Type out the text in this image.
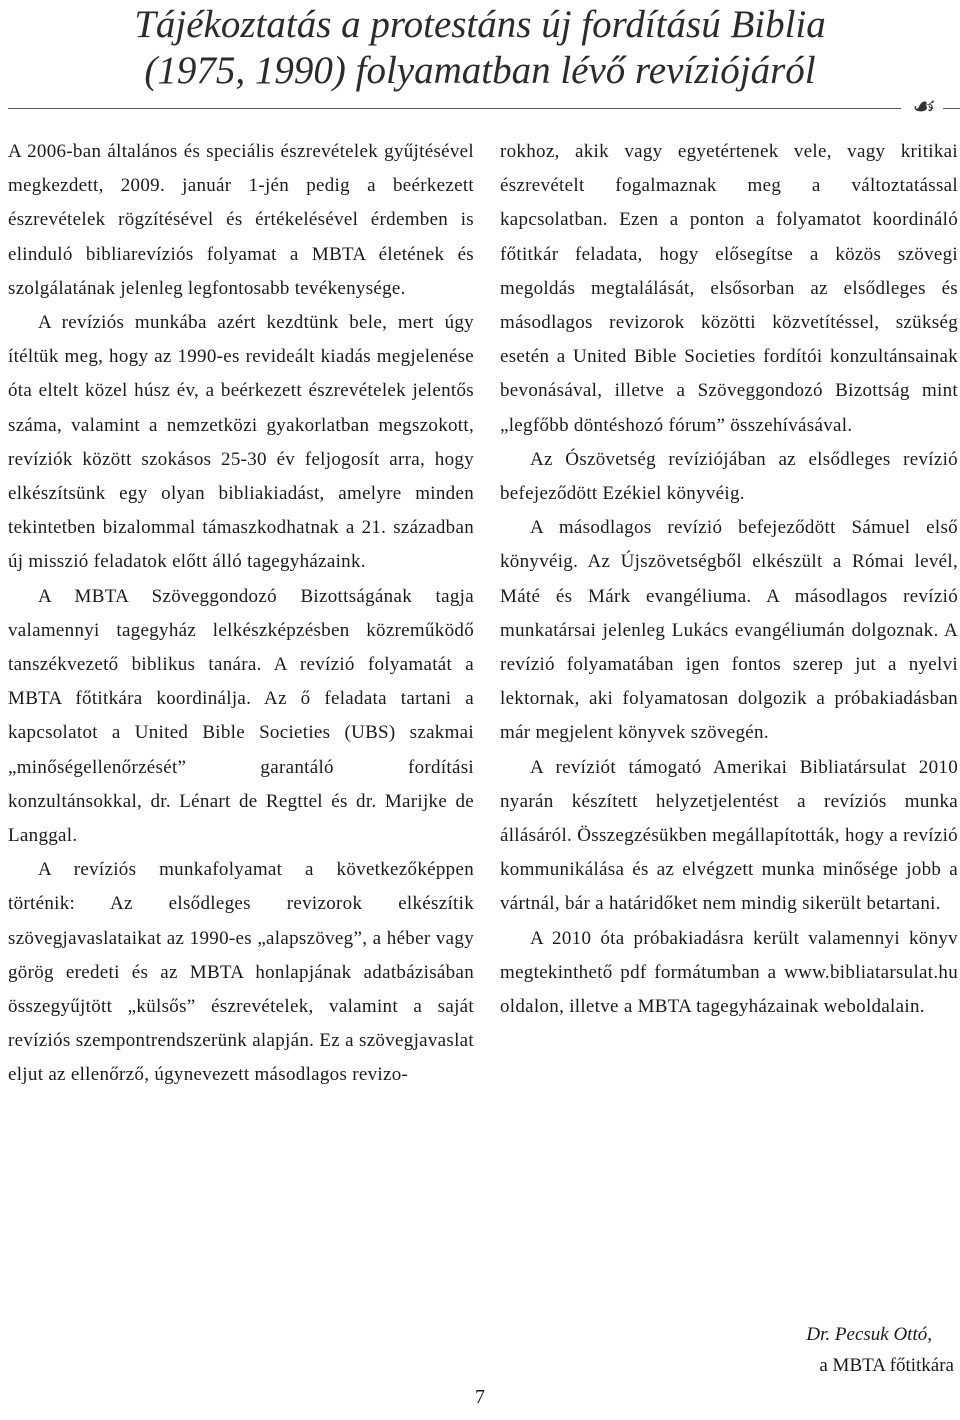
Tájékoztatás a protestáns új fordítású Biblia
(1975, 1990) folyamatban lévő revíziójáról
☙

A 2006-ban általános és speciális észrevételek gyűjtésével megkezdett, 2009. január 1-jén pedig a beérkezett észrevételek rögzítésével és értékelésével érdemben is elinduló bibliarevíziós folyamat a MBTA életének és szolgálatának jelenleg legfontosabb tevékenysége.

A revíziós munkába azért kezdtünk bele, mert úgy ítéltük meg, hogy az 1990-es revideált kiadás megjelenése óta eltelt közel húsz év, a beérkezett észrevételek jelentős száma, valamint a nemzetközi gyakorlatban megszokott, revíziók között szokásos 25-30 év feljogosít arra, hogy elkészítsünk egy olyan bibliakiadást, amelyre minden tekintetben bizalommal támaszkodhatnak a 21. században új misszió feladatok előtt álló tagegyházaink.

A MBTA Szöveggondozó Bizottságának tagja valamennyi tagegyház lelkészképzésben közreműködő tanszékvezető biblikus tanára. A revízió folyamatát a MBTA főtitkára koordinálja. Az ő feladata tartani a kapcsolatot a United Bible Societies (UBS) szakmai „minőségellenőrzését” garantáló fordítási konzultánsokkal, dr. Lénart de Regttel és dr. Marijke de Langgal.

A revíziós munkafolyamat a következőképpen történik: Az elsődleges revizorok elkészítik szövegjavaslataikat az 1990-es „alapszöveg”, a héber vagy görög eredeti és az MBTA honlapjának adatbázisában összegyűjtött „külsős” észrevételek, valamint a saját revíziós szempontrendszerünk alapján. Ez a szövegjavaslat eljut az ellenőrző, úgynevezett másodlagos revizo-

rokhoz, akik vagy egyetértenek vele, vagy kritikai észrevételt fogalmaznak meg a változtatással kapcsolatban. Ezen a ponton a folyamatot koordináló főtitkár feladata, hogy elősegítse a közös szövegi megoldás megtalálását, elsősorban az elsődleges és másodlagos revizorok közötti közvetítéssel, szükség esetén a United Bible Societies fordítói konzultánsainak bevonásával, illetve a Szöveggondozó Bizottság mint „legfőbb döntéshozó fórum” összehívásával.

Az Ószövetség revíziójában az elsődleges revízió befejeződött Ezékiel könyvéig.

A másodlagos revízió befejeződött Sámuel első könyvéig. Az Újszövetségből elkészült a Római levél, Máté és Márk evangéliuma. A másodlagos revízió munkatársai jelenleg Lukács evangéliumán dolgoznak. A revízió folyamatában igen fontos szerep jut a nyelvi lektornak, aki folyamatosan dolgozik a próbakiadásban már megjelent könyvek szövegén.

A revíziót támogató Amerikai Bibliatársulat 2010 nyarán készített helyzetjelentést a revíziós munka állásáról. Összegzésükben megállapították, hogy a revízió kommunikálása és az elvégzett munka minősége jobb a vártnál, bár a határidőket nem mindig sikerült betartani.

A 2010 óta próbakiadásra került valamennyi könyv megtekinthető pdf formátumban a www.bibliatarsulat.hu oldalon, illetve a MBTA tagegyházainak weboldalain.

Dr. Pecsuk Ottó,

a MBTA főtitkára

7
